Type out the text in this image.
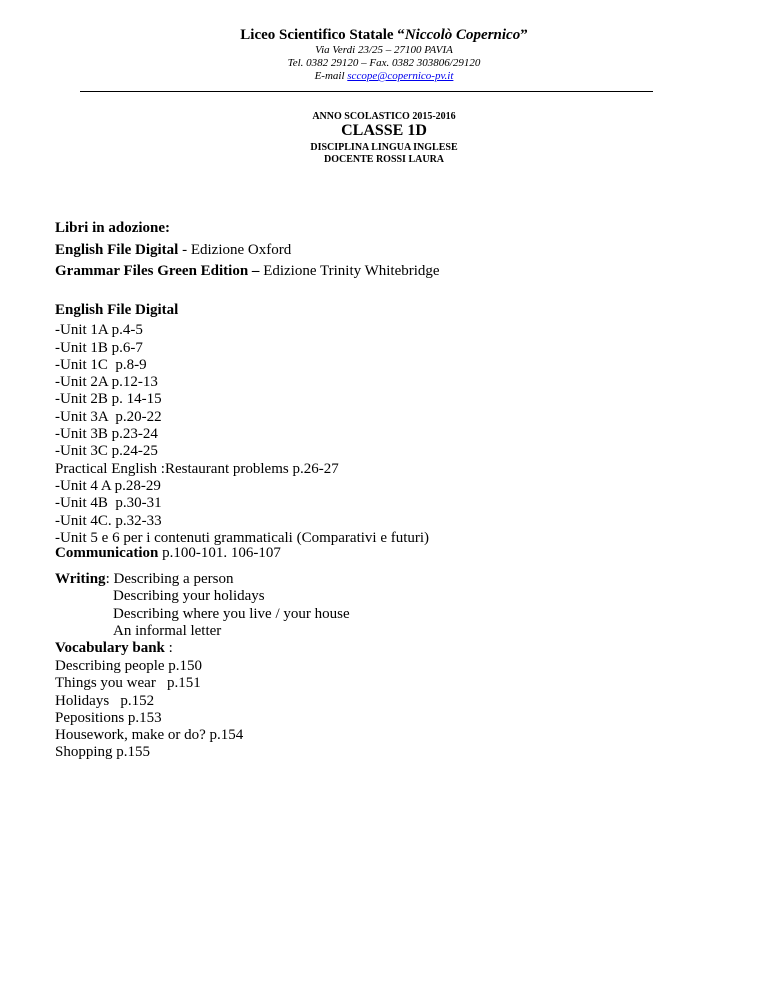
Liceo Scientifico Statale “Niccolò Copernico”
Via Verdi 23/25 – 27100 PAVIA
Tel. 0382 29120 – Fax. 0382 303806/29120
E-mail sccope@copernico-pv.it
ANNO SCOLASTICO 2015-2016
CLASSE 1D
DISCIPLINA LINGUA INGLESE
DOCENTE ROSSI LAURA
Libri in adozione:
English File Digital - Edizione Oxford
Grammar Files Green Edition – Edizione Trinity Whitebridge
English File Digital
-Unit 1A p.4-5
-Unit 1B p.6-7
-Unit 1C  p.8-9
-Unit 2A p.12-13
-Unit 2B p. 14-15
-Unit 3A  p.20-22
-Unit 3B p.23-24
-Unit 3C p.24-25
Practical English :Restaurant problems p.26-27
-Unit 4 A p.28-29
-Unit 4B  p.30-31
-Unit 4C. p.32-33
-Unit 5 e 6 per i contenuti grammaticali (Comparativi e futuri)
Communication p.100-101. 106-107
Writing: Describing a person
Describing your holidays
Describing where you live / your house
An informal letter
Vocabulary bank :
Describing people p.150
Things you wear   p.151
Holidays   p.152
Pepositions p.153
Housework, make or do? p.154
Shopping p.155
